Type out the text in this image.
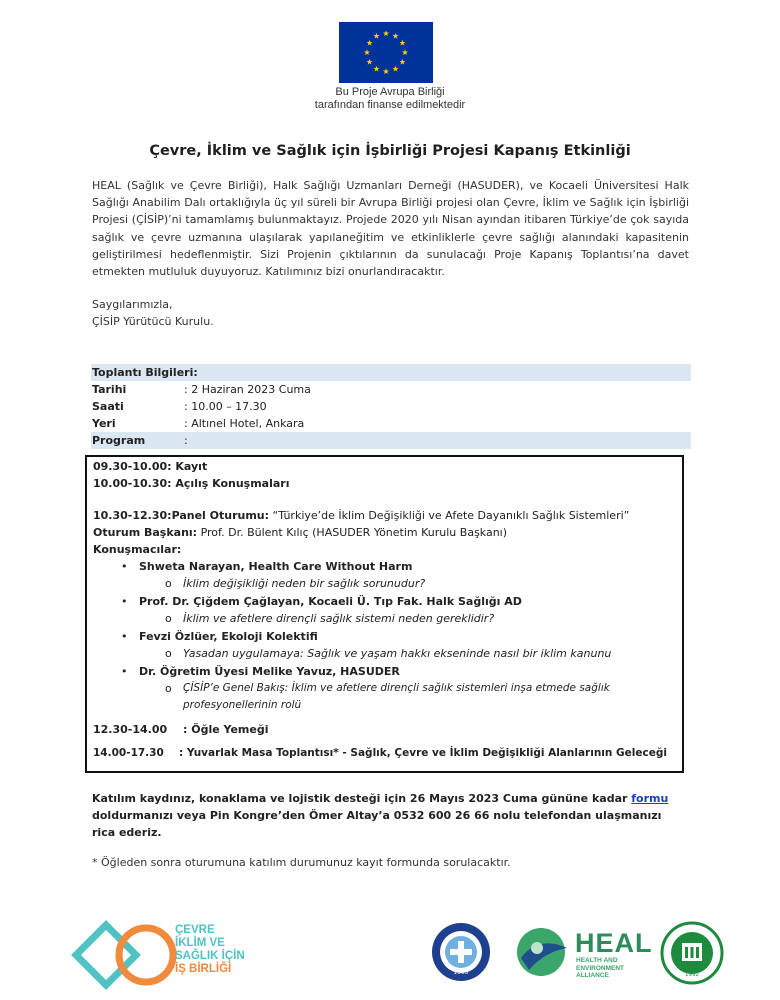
Bu Proje Avrupa Birliği
tarafından finanse edilmektedir
Çevre, İklim ve Sağlık için İşbirliği Projesi Kapanış Etkinliği
HEAL (Sağlık ve Çevre Birliği), Halk Sağlığı Uzmanları Derneği (HASUDER), ve Kocaeli Üniversitesi Halk Sağlığı Anabilim Dalı ortaklığıyla üç yıl süreli bir Avrupa Birliği projesi olan Çevre, İklim ve Sağlık için İşbirliği Projesi (ÇİSİP)’ni tamamlamış bulunmaktayız. Projede 2020 yılı Nisan ayından itibaren Türkiye’de çok sayıda sağlık ve çevre uzmanına ulaşılarak yapılaneğitim ve etkinliklerle çevre sağlığı alanındaki kapasitenin geliştirilmesi hedeflenmiştir. Sizi Projenin çıktılarının da sunulacağı Proje Kapanış Toplantısı’na davet etmekten mutluluk duyuyoruz. Katılımınız bizi onurlandıracaktır.
Saygılarımızla,
ÇİSİP Yürütücü Kurulu.
Toplantı Bilgileri:
Tarihi	: 2 Haziran 2023 Cuma
Saati	: 10.00 – 17.30
Yeri	: Altınel Hotel, Ankara
Program	:
09.30-10.00: Kayıt
10.00-10.30: Açılış Konuşmaları
10.30-12.30:Panel Oturumu: “Türkiye’de İklim Değişikliği ve Afete Dayanıklı Sağlık Sistemleri”
Oturum Başkanı: Prof. Dr. Bülent Kılıç (HASUDER Yönetim Kurulu Başkanı)
Konuşmacılar:
• Shweta Narayan, Health Care Without Harm
o İklim değişikliği neden bir sağlık sorunudur?
• Prof. Dr. Çiğdem Çağlayan, Kocaeli Ü. Tıp Fak. Halk Sağlığı AD
o İklim ve afetlere dirençli sağlık sistemi neden gereklidir?
• Fevzi Özlüer, Ekoloji Kolektifi
o Yasadan uygulamaya: Sağlık ve yaşam hakkı ekseninde nasıl bir iklim kanunu
• Dr. Öğretim Üyesi Melike Yavuz, HASUDER
o ÇİSİP’e Genel Bakış: İklim ve afetlere dirençli sağlık sistemleri inşa etmede sağlık
profesyonellerinin rolü
12.30-14.00 : Öğle Yemeği
14.00-17.30 : Yuvarlak Masa Toplantısı* - Sağlık, Çevre ve İklim Değişikliği Alanlarının Geleceği
Katılım kaydınız, konaklama ve lojistik desteği için 26 Mayıs 2023 Cuma gününe kadar formu doldurmanızı veya Pin Kongre’den Ömer Altay’a 0532 600 26 66 nolu telefondan ulaşmanızı rica ederiz.
* Öğleden sonra oturumuna katılım durumunuz kayıt formunda sorulacaktır.
ÇEVRE
İKLİM VE
SAĞLIK İÇİN
İŞ BİRLİĞİ	1995
HEAL
HEALTH AND
ENVIRONMENT
ALLIANCE	1992
